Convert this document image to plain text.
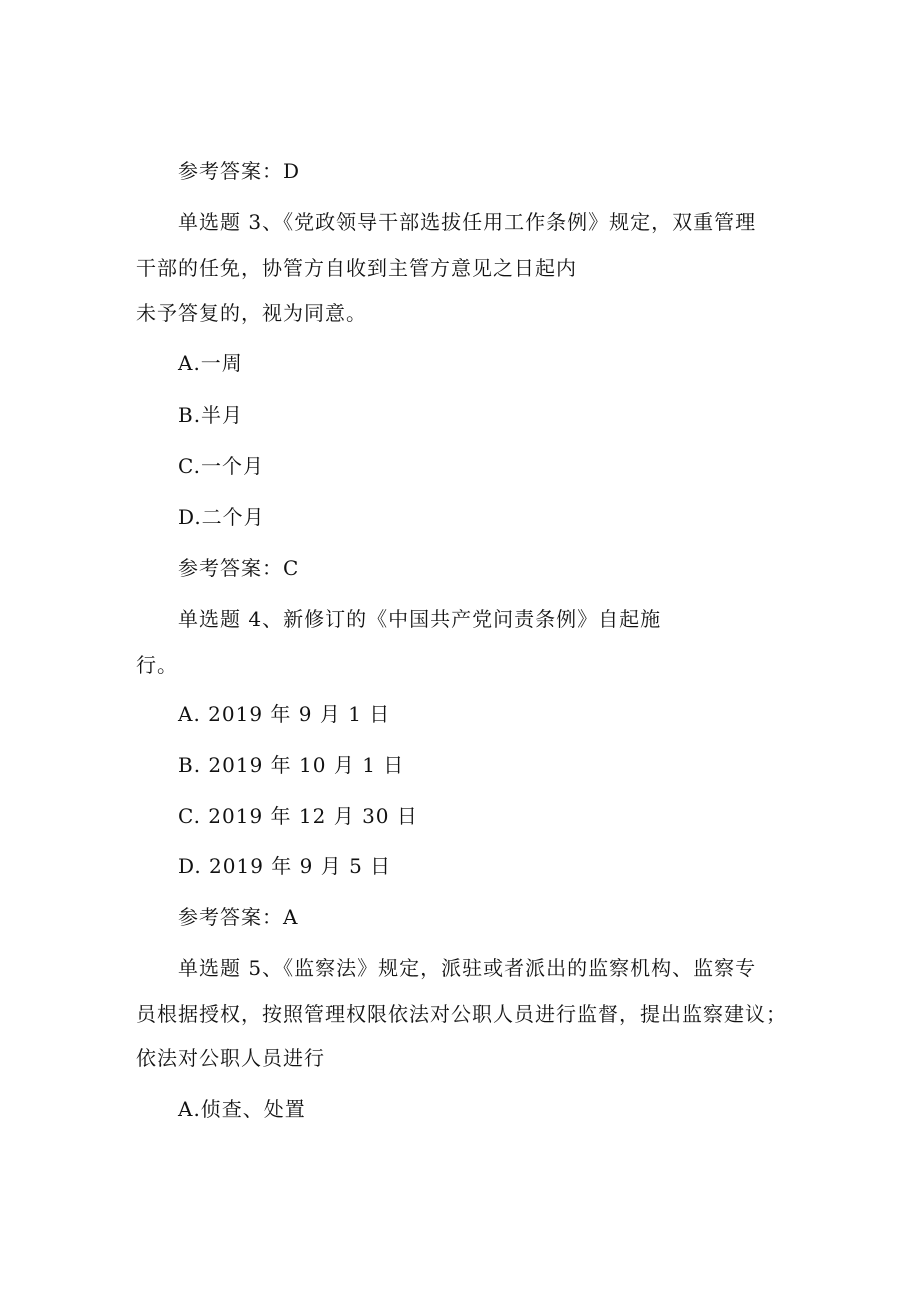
参考答案：D
单选题 3、《党政领导干部选拔任用工作条例》规定，双重管理
干部的任免，协管方自收到主管方意见之日起内
未予答复的，视为同意。
A.一周
B.半月
C.一个月
D.二个月
参考答案：C
单选题 4、新修订的《中国共产党问责条例》自起施
行。
A. 2019 年 9 月 1 日
B. 2019 年 10 月 1 日
C. 2019 年 12 月 30 日
D. 2019 年 9 月 5 日
参考答案：A
单选题 5、《监察法》规定，派驻或者派出的监察机构、监察专
员根据授权，按照管理权限依法对公职人员进行监督，提出监察建议；
依法对公职人员进行
A.侦查、处置
